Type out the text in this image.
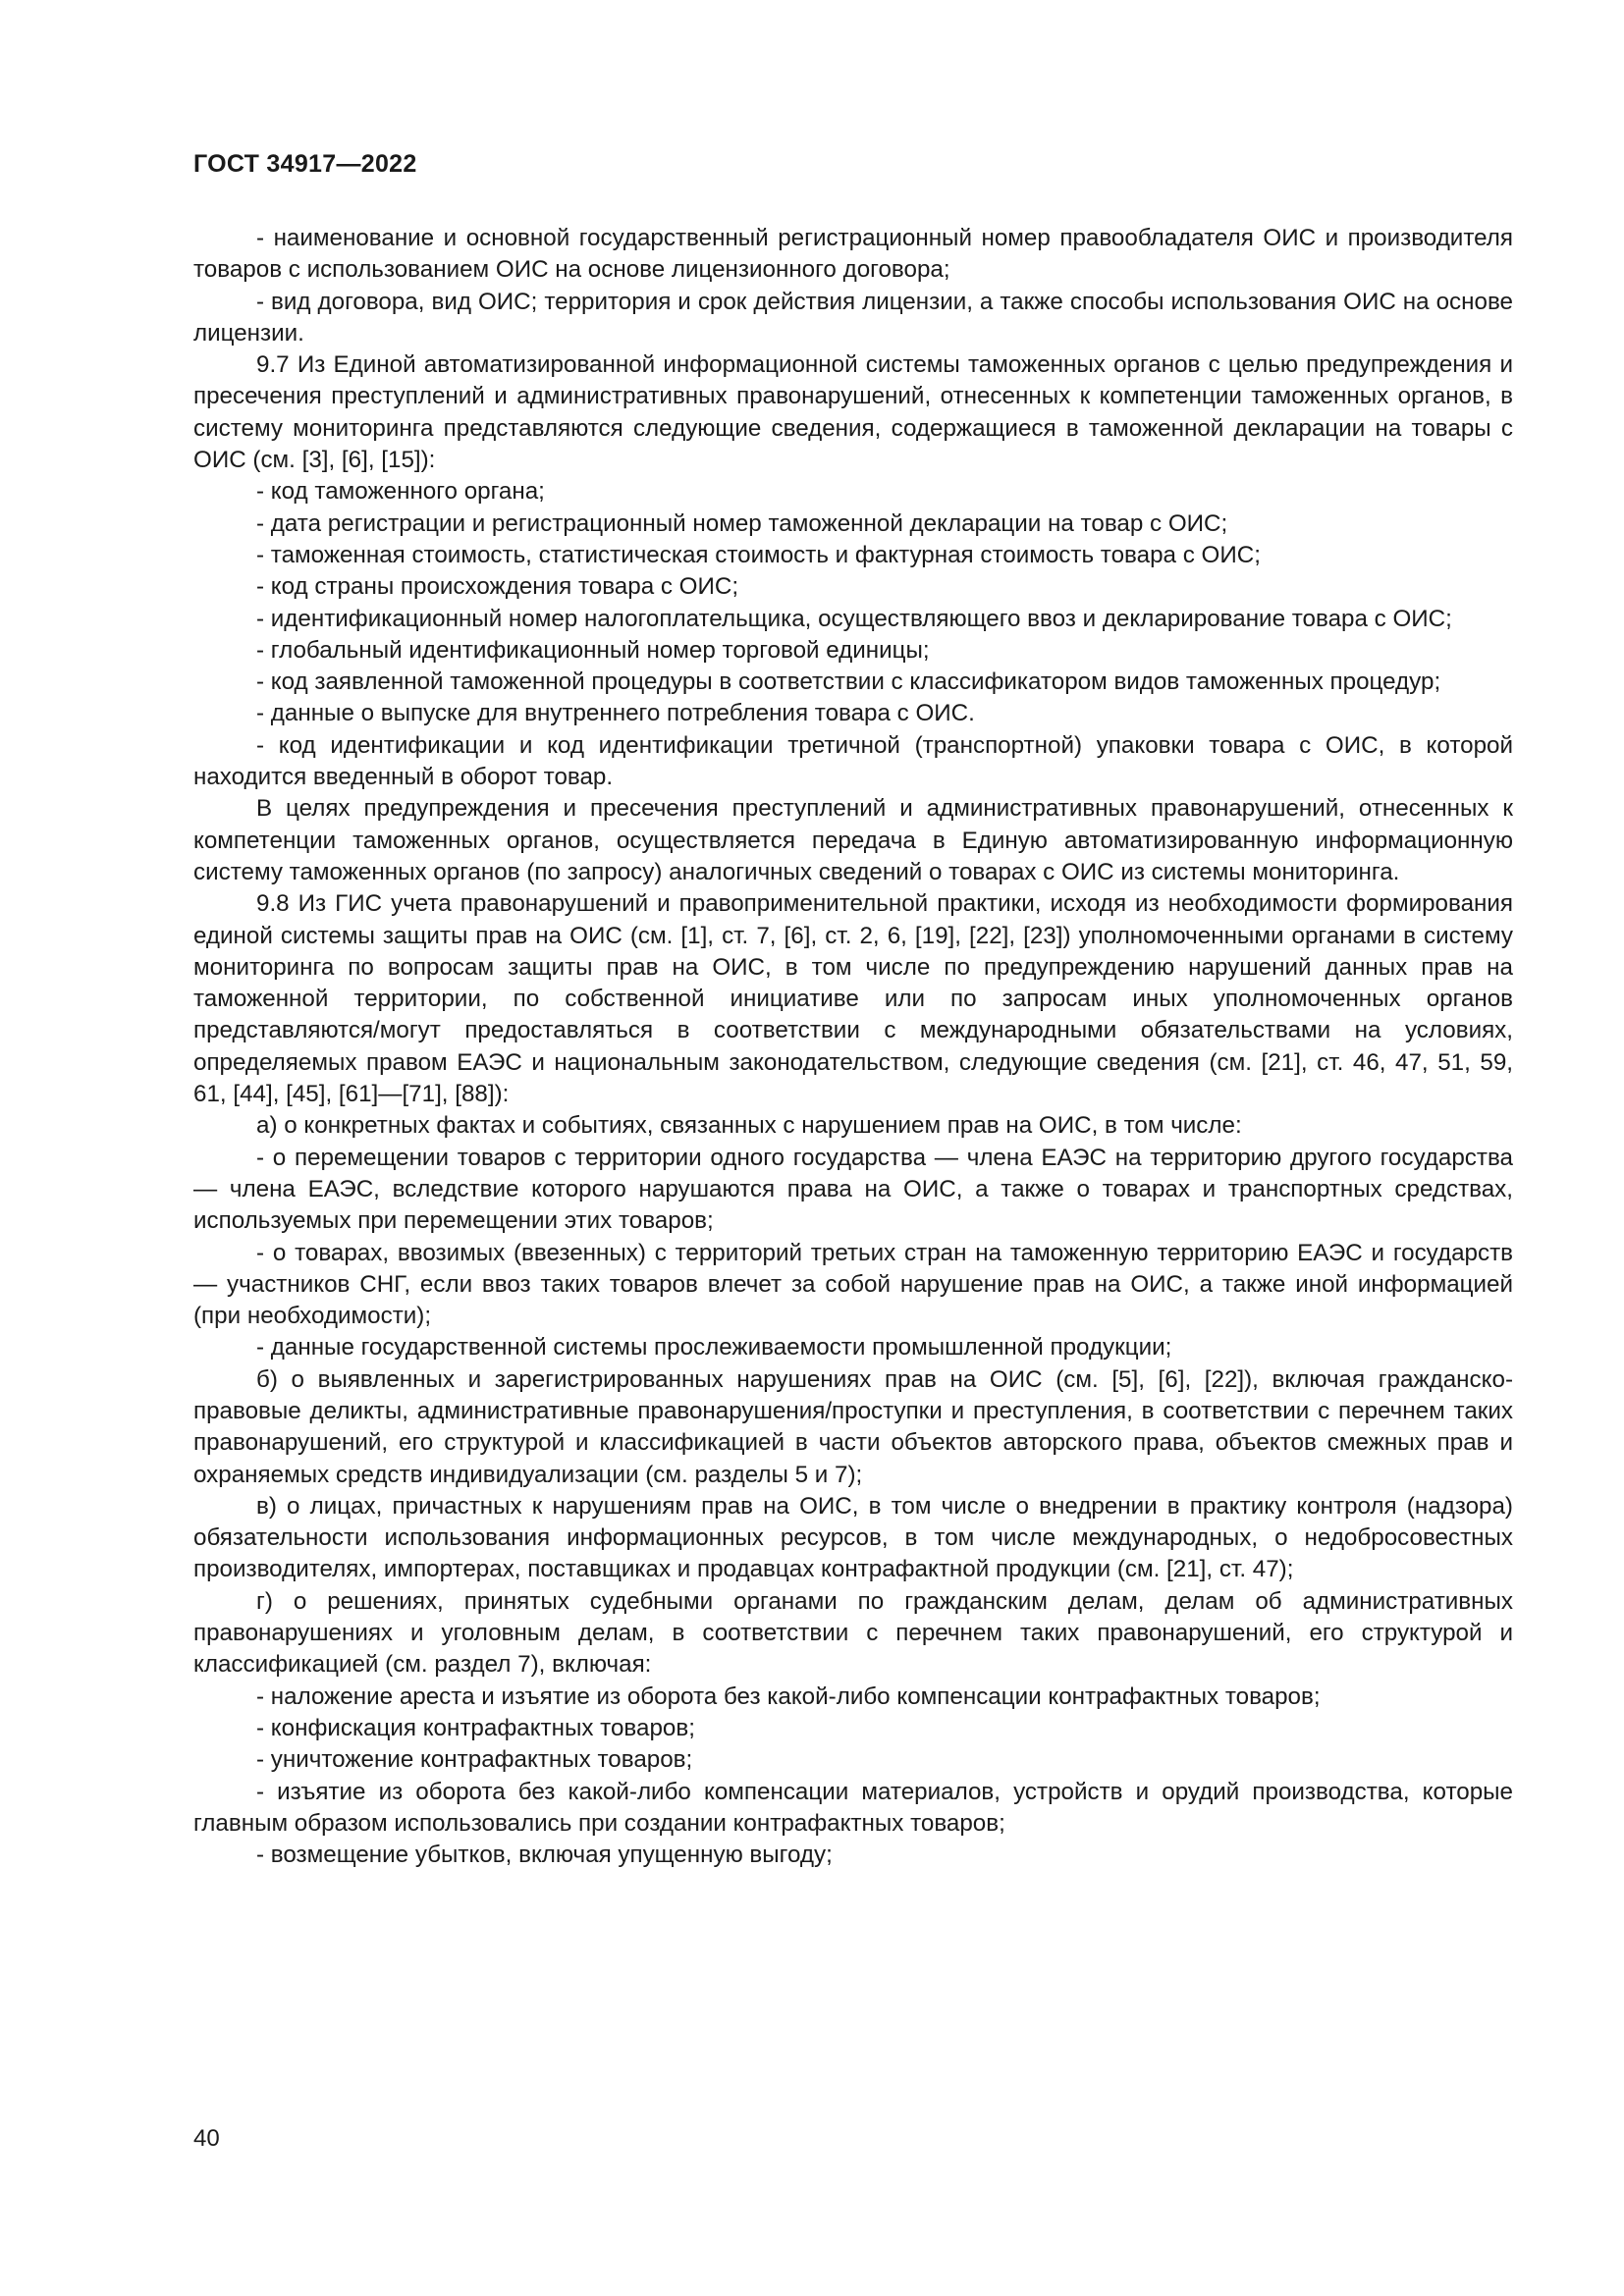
ГОСТ 34917—2022

- наименование и основной государственный регистрационный номер правообладателя ОИС и производителя товаров с использованием ОИС на основе лицензионного договора;

- вид договора, вид ОИС; территория и срок действия лицензии, а также способы использования ОИС на основе лицензии.

9.7 Из Единой автоматизированной информационной системы таможенных органов с целью предупреждения и пресечения преступлений и административных правонарушений, отнесенных к компетенции таможенных органов, в систему мониторинга представляются следующие сведения, содержащиеся в таможенной декларации на товары с ОИС (см. [3], [6], [15]):

- код таможенного органа;

- дата регистрации и регистрационный номер таможенной декларации на товар с ОИС;

- таможенная стоимость, статистическая стоимость и фактурная стоимость товара с ОИС;

- код страны происхождения товара с ОИС;

- идентификационный номер налогоплательщика, осуществляющего ввоз и декларирование товара с ОИС;

- глобальный идентификационный номер торговой единицы;

- код заявленной таможенной процедуры в соответствии с классификатором видов таможенных процедур;

- данные о выпуске для внутреннего потребления товара с ОИС.

- код идентификации и код идентификации третичной (транспортной) упаковки товара с ОИС, в которой находится введенный в оборот товар.

В целях предупреждения и пресечения преступлений и административных правонарушений, отнесенных к компетенции таможенных органов, осуществляется передача в Единую автоматизированную информационную систему таможенных органов (по запросу) аналогичных сведений о товарах с ОИС из системы мониторинга.

9.8 Из ГИС учета правонарушений и правоприменительной практики, исходя из необходимости формирования единой системы защиты прав на ОИС (см. [1], ст. 7, [6], ст. 2, 6, [19], [22], [23]) уполномоченными органами в систему мониторинга по вопросам защиты прав на ОИС, в том числе по предупреждению нарушений данных прав на таможенной территории, по собственной инициативе или по запросам иных уполномоченных органов представляются/могут предоставляться в соответствии с международными обязательствами на условиях, определяемых правом ЕАЭС и национальным законодательством, следующие сведения (см. [21], ст. 46, 47, 51, 59, 61, [44], [45], [61]—[71], [88]):

а) о конкретных фактах и событиях, связанных с нарушением прав на ОИС, в том числе:

- о перемещении товаров с территории одного государства — члена ЕАЭС на территорию другого государства — члена ЕАЭС, вследствие которого нарушаются права на ОИС, а также о товарах и транспортных средствах, используемых при перемещении этих товаров;

- о товарах, ввозимых (ввезенных) с территорий третьих стран на таможенную территорию ЕАЭС и государств — участников СНГ, если ввоз таких товаров влечет за собой нарушение прав на ОИС, а также иной информацией (при необходимости);

- данные государственной системы прослеживаемости промышленной продукции;

б) о выявленных и зарегистрированных нарушениях прав на ОИС (см. [5], [6], [22]), включая гражданско-правовые деликты, административные правонарушения/проступки и преступления, в соответствии с перечнем таких правонарушений, его структурой и классификацией в части объектов авторского права, объектов смежных прав и охраняемых средств индивидуализации (см. разделы 5 и 7);

в) о лицах, причастных к нарушениям прав на ОИС, в том числе о внедрении в практику контроля (надзора) обязательности использования информационных ресурсов, в том числе международных, о недобросовестных производителях, импортерах, поставщиках и продавцах контрафактной продукции (см. [21], ст. 47);

г) о решениях, принятых судебными органами по гражданским делам, делам об административных правонарушениях и уголовным делам, в соответствии с перечнем таких правонарушений, его структурой и классификацией (см. раздел 7), включая:

- наложение ареста и изъятие из оборота без какой-либо компенсации контрафактных товаров;

- конфискация контрафактных товаров;

- уничтожение контрафактных товаров;

- изъятие из оборота без какой-либо компенсации материалов, устройств и орудий производства, которые главным образом использовались при создании контрафактных товаров;

- возмещение убытков, включая упущенную выгоду;

40
